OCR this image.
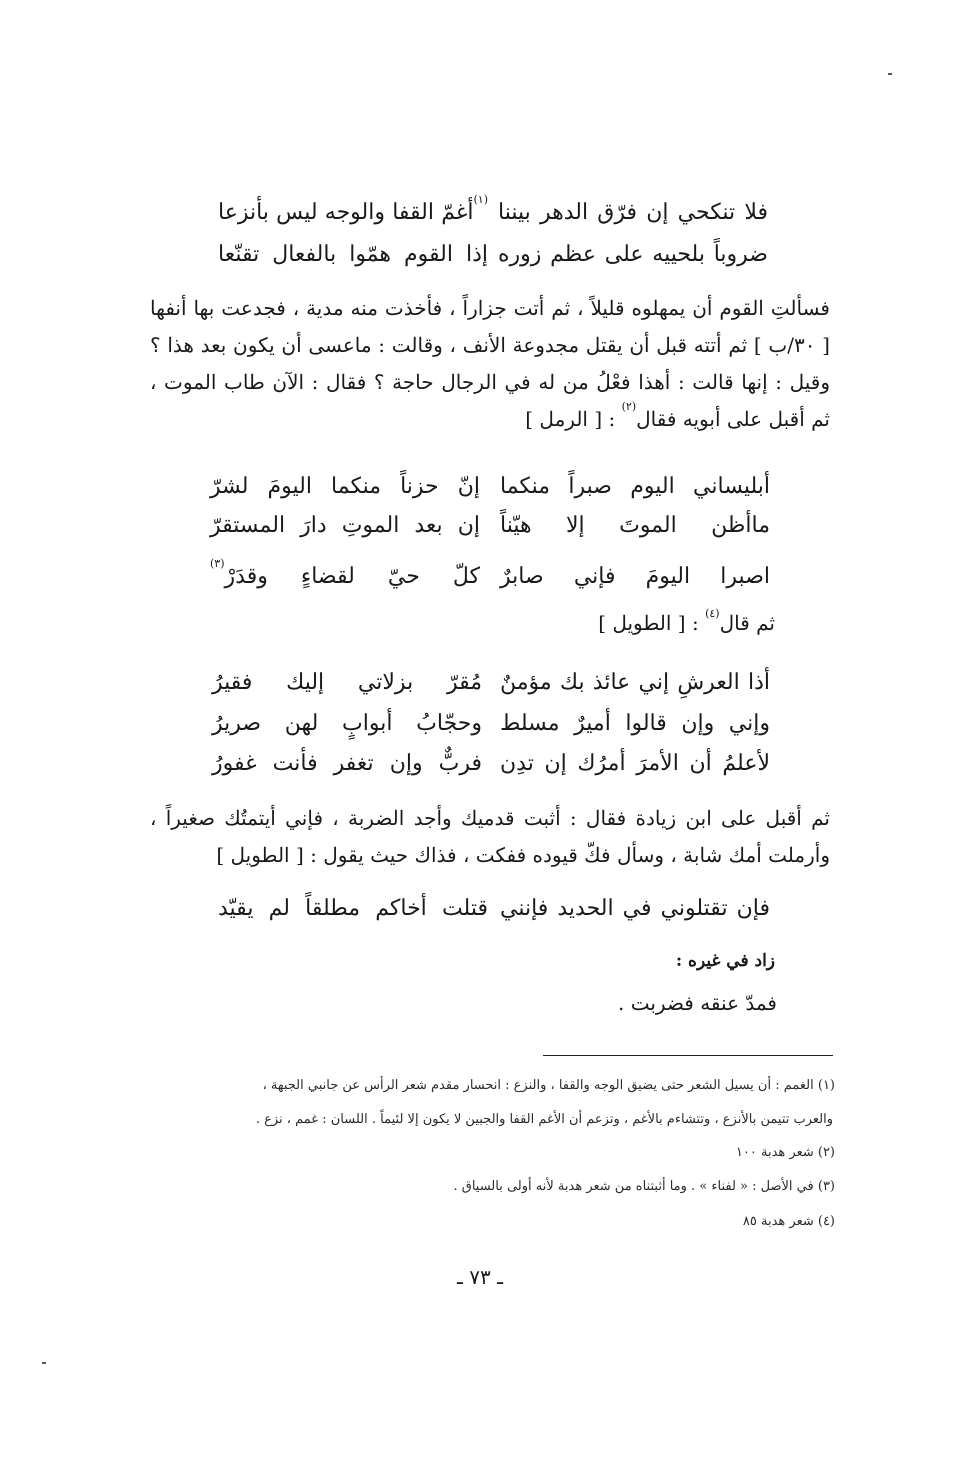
فلا تنكحي إن فرّق الدهر بيننا
$^{(١)}$أغمّ القفا والوجه ليس بأنزعا
ضروباً بلحييه على عظم زوره
إذا القوم همّوا بالفعال تقنّعا
فسألتِ القوم أن يمهلوه قليلاً ، ثم أتت جزاراً ، فأخذت منه مدية ، فجدعت بها أنفها [ ٣٠/ب ] ثم أتته قبل أن يقتل مجدوعة الأنف ، وقالت : ماعسى أن يكون بعد هذا ؟ وقيل : إنها قالت : أهذا فعْلُ من له في الرجال حاجة ؟ فقال : الآن طاب الموت ، ثم أقبل على أبويه فقال$^{(٢)}$ : [ الرمل ]
أبليساني اليوم صبراً منكما
إنّ حزناً منكما اليومَ لشرّ
ماأظن الموتَ إلا هيّناً
إن بعد الموتِ دارَ المستقرّ
اصبرا اليومَ فإني صابرٌ
كلّ حيّ لقضاءٍ وقدَرْ$^{(٣)}$
ثم قال$^{(٤)}$ : [ الطويل ]
أذا العرشِ إني عائذ بك مؤمنٌ
مُقرّ بزلاتي إليك فقيرُ
وإني وإن قالوا أميرٌ مسلط
وحجّابُ أبوابٍ لهن صريرُ
لأعلمُ أن الأمرَ أمرُك إن تدِن
فربٌّ وإن تغفر فأنت غفورُ
ثم أقبل على ابن زيادة فقال : أثبت قدميك وأجد الضربة ، فإني أيتمتُك صغيراً ، وأرملت أمك شابة ، وسأل فكّ قيوده ففكت ، فذاك حيث يقول : [ الطويل ]
فإن تقتلوني في الحديد فإنني
قتلت أخاكم مطلقاً لم يقيّد
زاد في غيره :
فمدّ عنقه فضربت .
(١) الغمم : أن يسيل الشعر حتى يضيق الوجه والقفا ، والنزع : انحسار مقدم شعر الرأس عن جانبي الجبهة ،
والعرب تتيمن بالأنزع ، وتتشاءم بالأغم ، وتزعم أن الأغم القفا والجبين لا يكون إلا لئيماً . اللسان : غمم ، نزع .
(٢) شعر هدبة ١٠٠
(٣) في الأصل : « لفناء » . وما أثبتناه من شعر هدبة لأنه أولى بالسياق .
(٤) شعر هدبة ٨٥
ـ ٧٣ ـ
